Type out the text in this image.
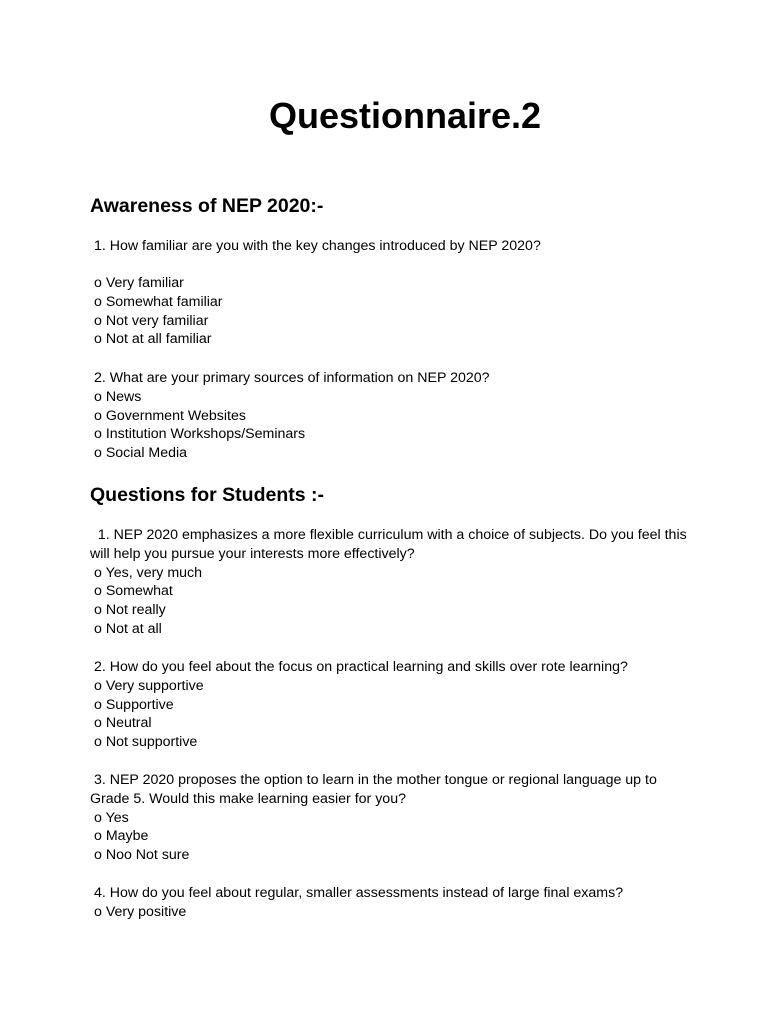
Questionnaire.2
Awareness of NEP 2020:-
1. How familiar are you with the key changes introduced by NEP 2020?
o Very familiar
o Somewhat familiar
o Not very familiar
o Not at all familiar
2. What are your primary sources of information on NEP 2020?
o News
o Government Websites
o Institution Workshops/Seminars
o Social Media
Questions for Students :-
1. NEP 2020 emphasizes a more flexible curriculum with a choice of subjects. Do you feel this
will help you pursue your interests more effectively?
o Yes, very much
o Somewhat
o Not really
o Not at all
2. How do you feel about the focus on practical learning and skills over rote learning?
o Very supportive
o Supportive
o Neutral
o Not supportive
3. NEP 2020 proposes the option to learn in the mother tongue or regional language up to
Grade 5. Would this make learning easier for you?
o Yes
o Maybe
o Noo Not sure
4. How do you feel about regular, smaller assessments instead of large final exams?
o Very positive
